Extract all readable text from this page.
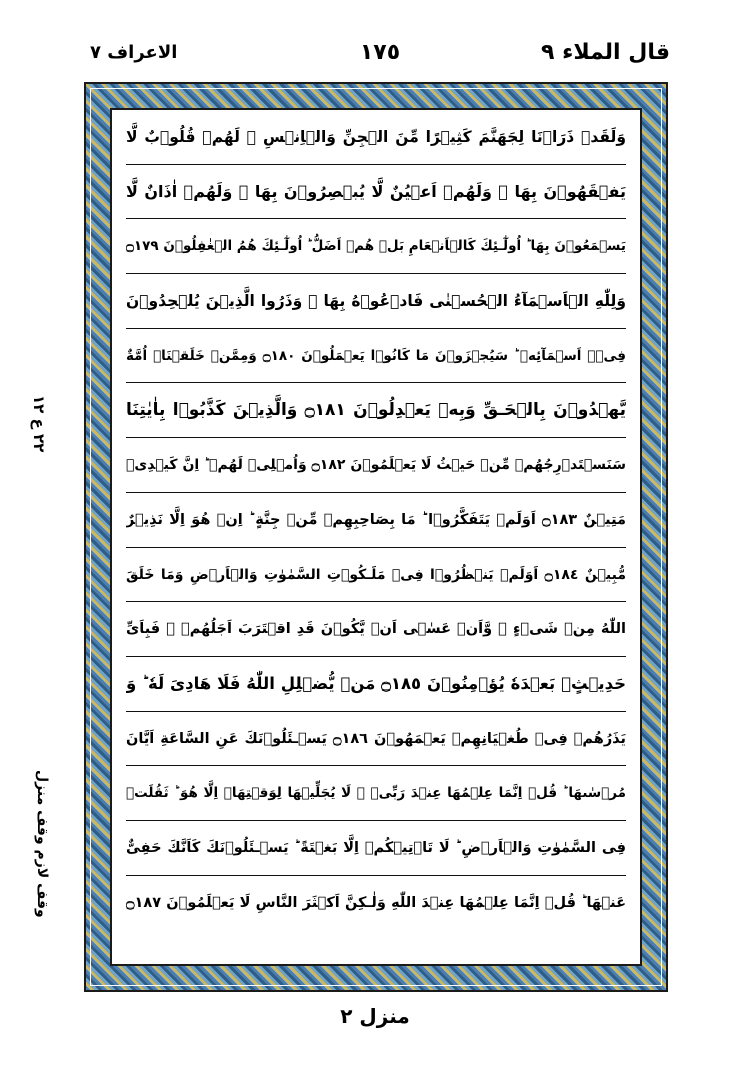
قال الملاء ۹
١٧٥
الاعراف ٧
٢٢ ع ١٢
وقف لازم وقف منزل
وَلَقَدۡ ذَرَاۡنَا لِجَهَنَّمَ كَثِيۡرًا مِّنَ الۡجِنِّ وَالۡاِنۡسِ ۖ لَهُمۡ قُلُوۡبٌ لَّا
يَفۡقَهُوۡنَ بِهَا ۡ وَلَهُمۡ اَعۡيُنٌ لَّا يُبۡصِرُوۡنَ بِهَا ۡ وَلَهُمۡ اٰذَانٌ لَّا
يَسۡمَعُوۡنَ بِهَا ؕ اُولٰٓـئِكَ كَالۡاَنۡعَامِ بَلۡ هُمۡ اَضَلُّ ؕ اُولٰٓـئِكَ هُمُ الۡغٰفِلُوۡنَ ۝١٧٩
وَلِلّٰهِ الۡاَسۡمَآءُ الۡحُسۡنٰى فَادۡعُوۡهُ بِهَا ۖ وَذَرُوا الَّذِيۡنَ يُلۡحِدُوۡنَ
فِىۡۤ اَسۡمَآئِهٖ ؕ سَيُجۡزَوۡنَ مَا كَانُوۡا يَعۡمَلُوۡنَ ۝١٨٠ وَمِمَّنۡ خَلَقۡنَاۤ اُمَّةٌ
يَّهۡدُوۡنَ بِالۡحَـقِّ وَبِهٖ يَعۡدِلُوۡنَ ۝١٨١ وَالَّذِيۡنَ كَذَّبُوۡا بِاٰيٰتِنَا
سَنَسۡتَدۡرِجُهُمۡ مِّنۡ حَيۡثُ لَا يَعۡلَمُوۡنَ ۝١٨٢ وَاُمۡلِىۡ لَهُمۡ ؕ اِنَّ كَيۡدِىۡ
مَتِيۡنٌ ۝١٨٣ اَوَلَمۡ يَتَفَكَّرُوۡا ؕ مَا بِصَاحِبِهِمۡ مِّنۡ جِنَّةٍ ؕ اِنۡ هُوَ اِلَّا نَذِيۡرٌ
مُّبِيۡنٌ ۝١٨٤ اَوَلَمۡ يَنۡظُرُوۡا فِىۡ مَلَـكُوۡتِ السَّمٰوٰتِ وَالۡاَرۡضِ وَمَا خَلَقَ
اللّٰهُ مِنۡ شَىۡءٍ ۙ وَّاَنۡ عَسٰۤى اَنۡ يَّكُوۡنَ قَدِ اقۡتَرَبَ اَجَلُهُمۡ ۚ فَبِاَىِّ
حَدِيۡثٍۢ بَعۡدَهٗ يُؤۡمِنُوۡنَ ۝١٨٥ مَنۡ يُّضۡلِلِ اللّٰهُ فَلَا هَادِىَ لَهٗ ؕ وَ
يَذَرُهُمۡ فِىۡ طُغۡيَانِهِمۡ يَعۡمَهُوۡنَ ۝١٨٦ يَسۡـئَلُوۡنَكَ عَنِ السَّاعَةِ اَيَّانَ
مُرۡسٰٮهَا ؕ قُلۡ اِنَّمَا عِلۡمُهَا عِنۡدَ رَبِّىۡ ۚ لَا يُجَلِّيۡهَا لِوَقۡتِهَاۤ اِلَّا هُوَ ؕ ثَقُلَتۡ
فِى السَّمٰوٰتِ وَالۡاَرۡضِ ؕ لَا تَاۡتِيۡكُمۡ اِلَّا بَغۡتَةً ؕ يَسۡـئَلُوۡنَكَ كَاَنَّكَ حَفِىٌّ
عَنۡهَا ؕ قُلۡ اِنَّمَا عِلۡمُهَا عِنۡدَ اللّٰهِ وَلٰـكِنَّ اَكۡثَرَ النَّاسِ لَا يَعۡلَمُوۡنَ ۝١٨٧
منزل ٢
